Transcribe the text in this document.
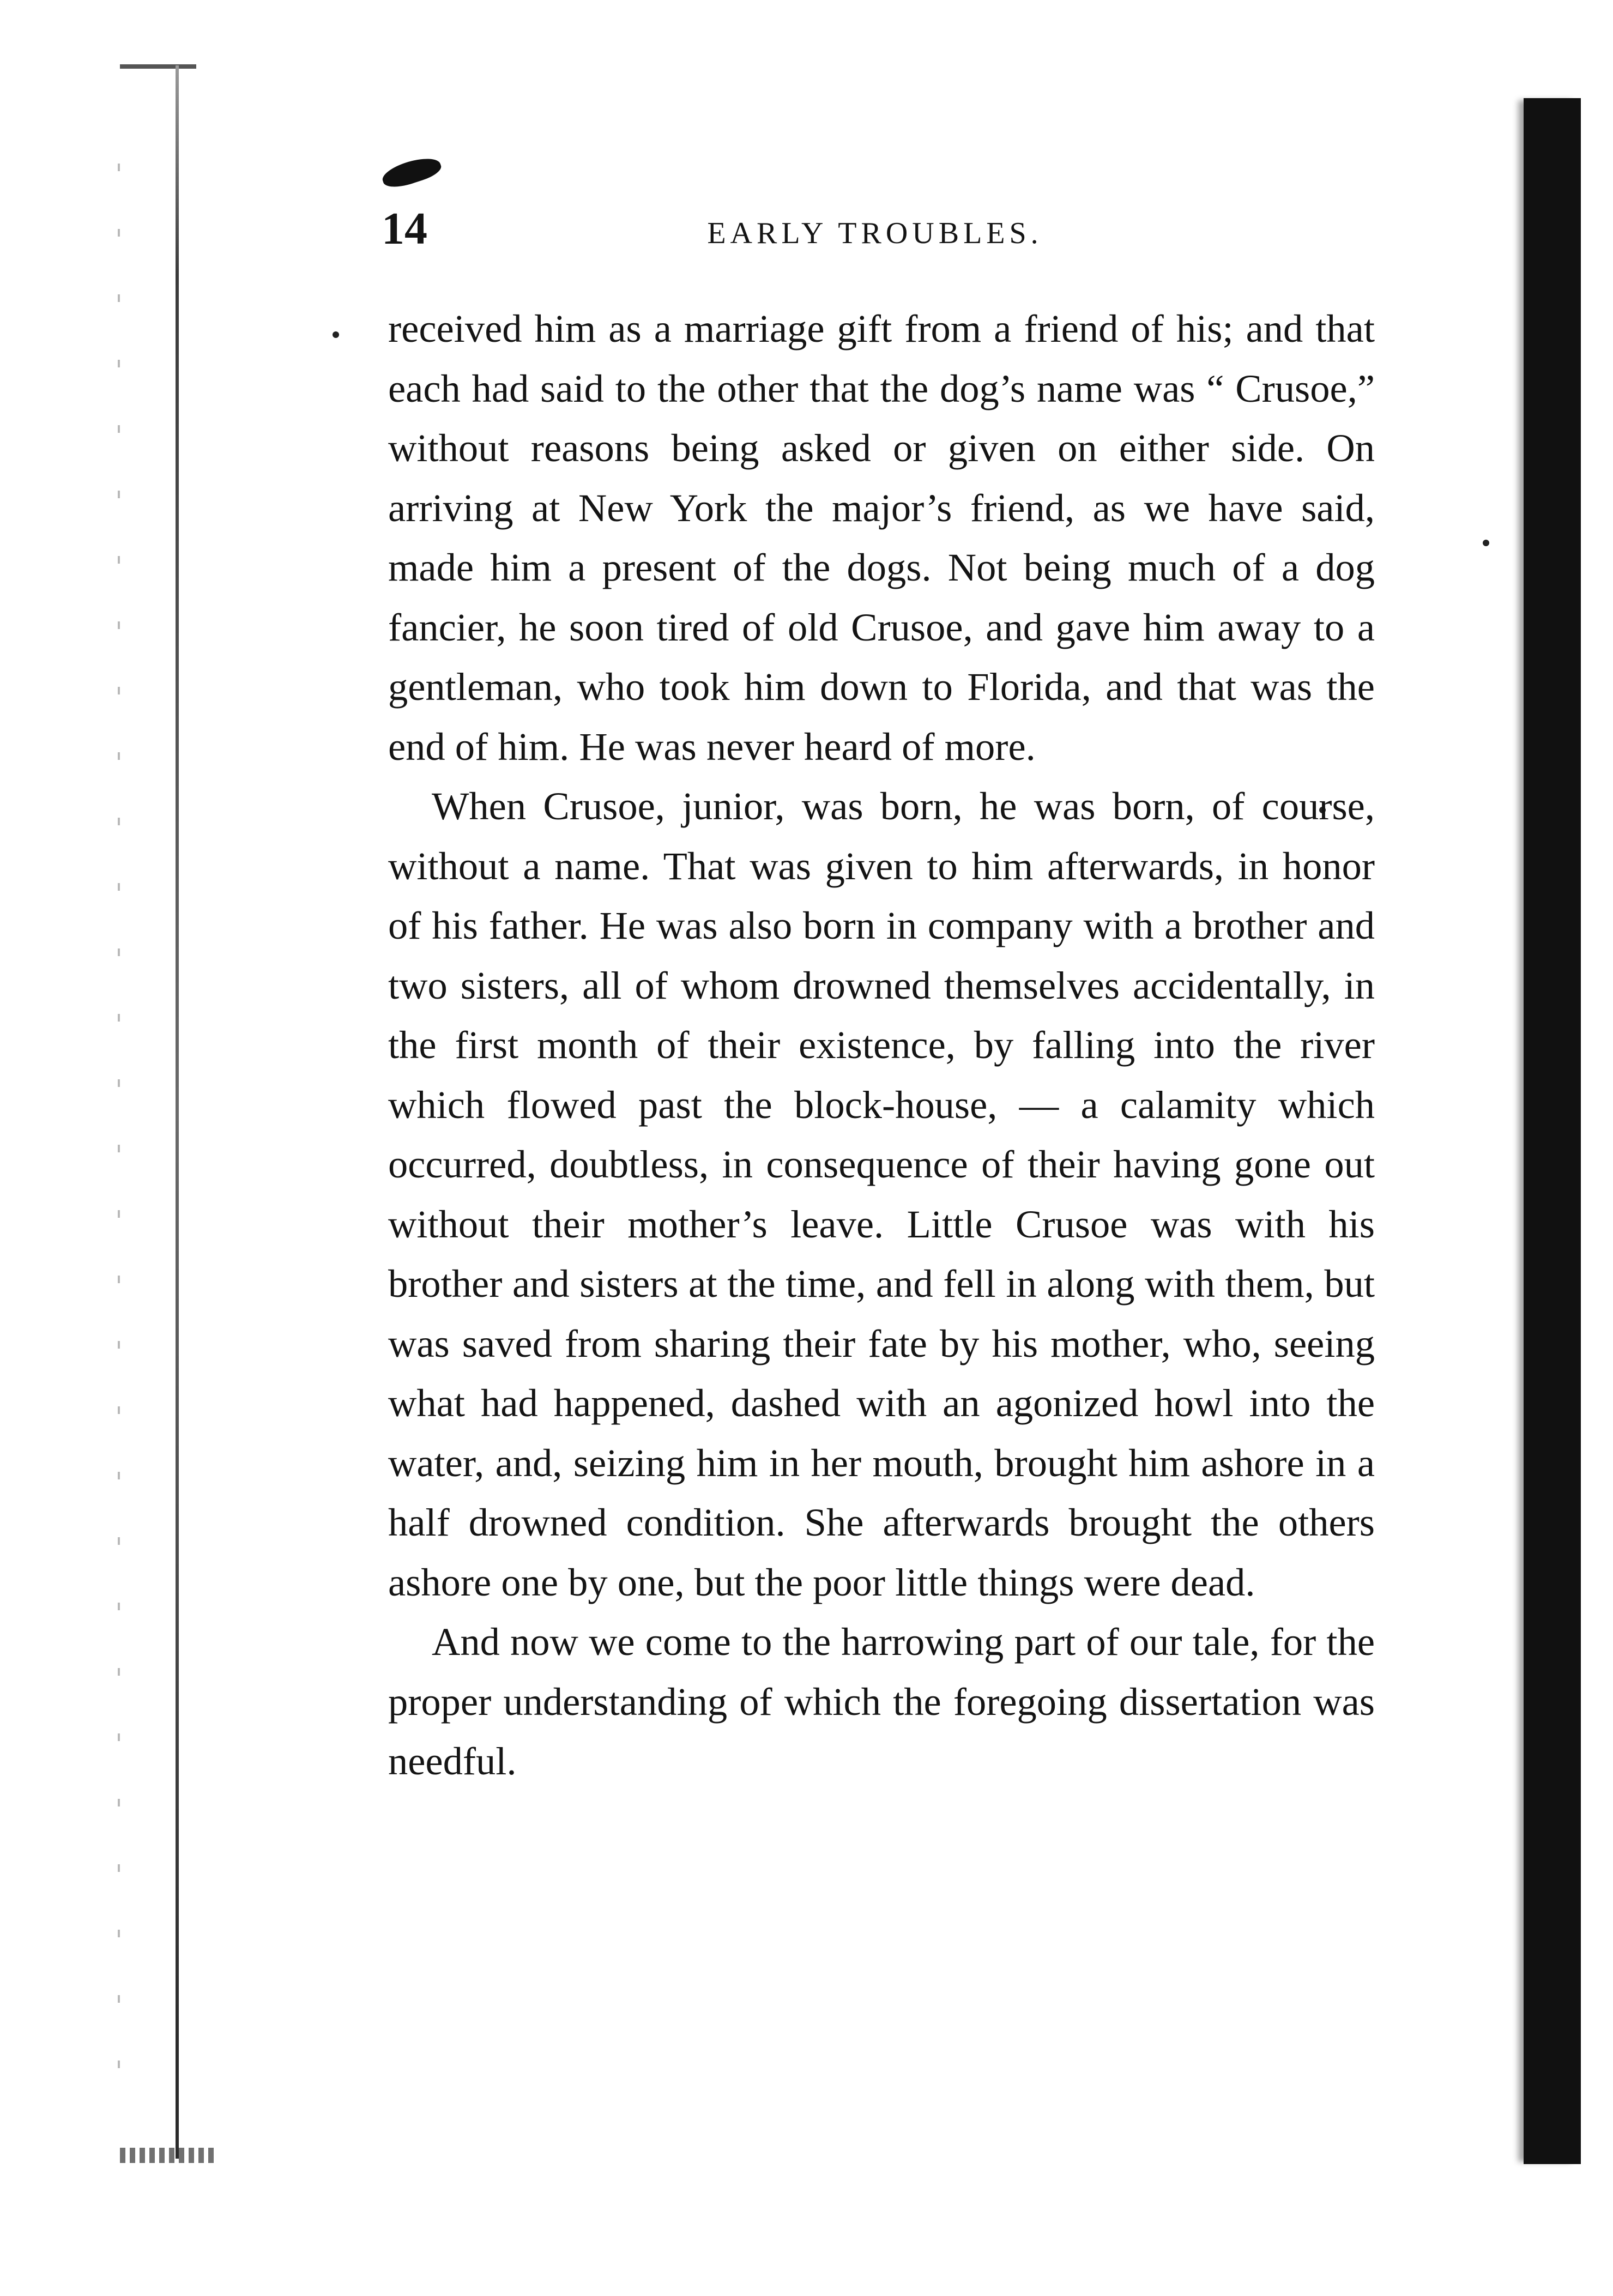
14	EARLY TROUBLES.

received him as a marriage gift from a friend of his; and that each had said to the other that the dog’s name was “ Crusoe,” without reasons being asked or given on either side. On arriving at New York the major’s friend, as we have said, made him a present of the dogs. Not being much of a dog fancier, he soon tired of old Crusoe, and gave him away to a gentleman, who took him down to Florida, and that was the end of him. He was never heard of more.

When Crusoe, junior, was born, he was born, of course, without a name. That was given to him afterwards, in honor of his father. He was also born in company with a brother and two sisters, all of whom drowned themselves accidentally, in the first month of their existence, by falling into the river which flowed past the block-house, — a calamity which occurred, doubtless, in consequence of their having gone out without their mother’s leave. Little Crusoe was with his brother and sisters at the time, and fell in along with them, but was saved from sharing their fate by his mother, who, seeing what had happened, dashed with an agonized howl into the water, and, seizing him in her mouth, brought him ashore in a half drowned condition. She afterwards brought the others ashore one by one, but the poor little things were dead.

And now we come to the harrowing part of our tale, for the proper understanding of which the foregoing dissertation was needful.
